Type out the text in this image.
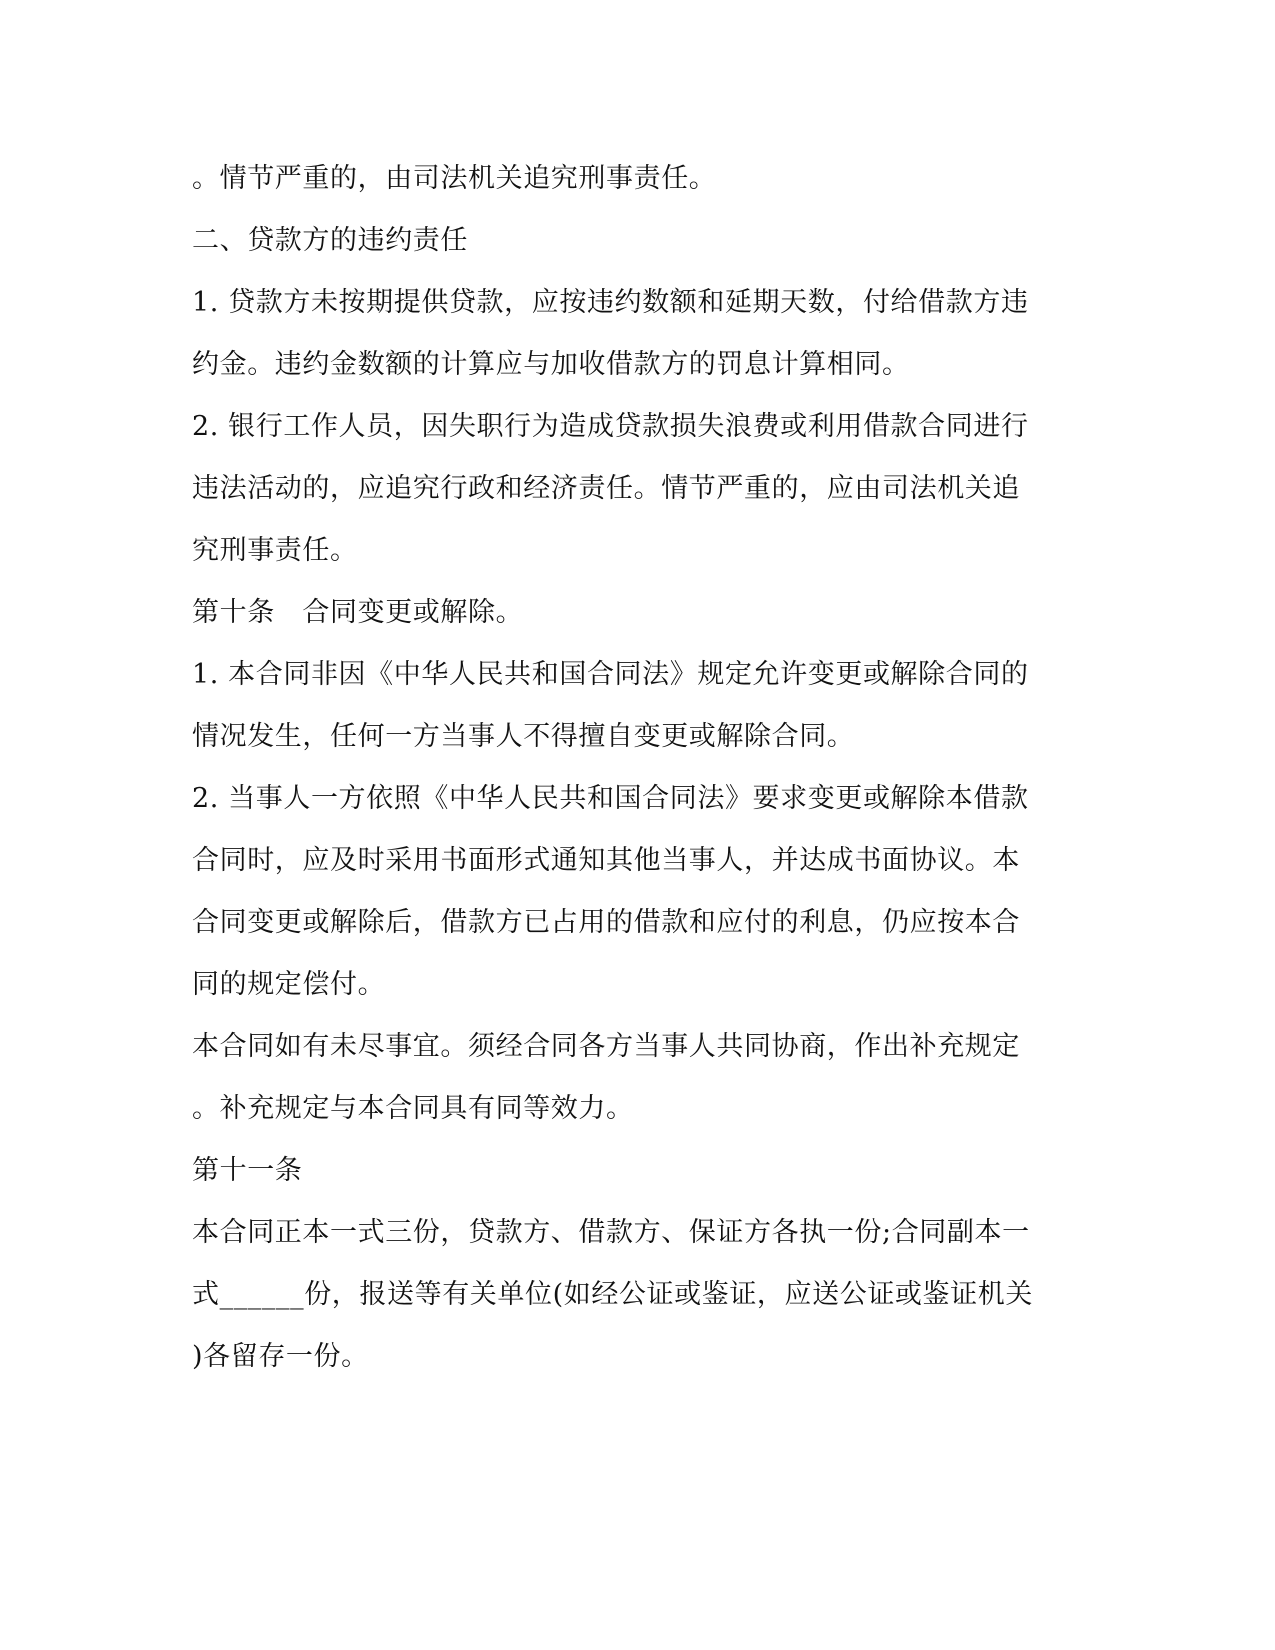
。情节严重的，由司法机关追究刑事责任。

二、贷款方的违约责任

1. 贷款方未按期提供贷款，应按违约数额和延期天数，付给借款方违

约金。违约金数额的计算应与加收借款方的罚息计算相同。

2. 银行工作人员，因失职行为造成贷款损失浪费或利用借款合同进行

违法活动的，应追究行政和经济责任。情节严重的，应由司法机关追

究刑事责任。

第十条　合同变更或解除。

1. 本合同非因《中华人民共和国合同法》规定允许变更或解除合同的

情况发生，任何一方当事人不得擅自变更或解除合同。

2. 当事人一方依照《中华人民共和国合同法》要求变更或解除本借款

合同时，应及时采用书面形式通知其他当事人，并达成书面协议。本

合同变更或解除后，借款方已占用的借款和应付的利息，仍应按本合

同的规定偿付。

本合同如有未尽事宜。须经合同各方当事人共同协商，作出补充规定

。补充规定与本合同具有同等效力。

第十一条

本合同正本一式三份，贷款方、借款方、保证方各执一份;合同副本一

式______份，报送等有关单位(如经公证或鉴证，应送公证或鉴证机关

)各留存一份。
